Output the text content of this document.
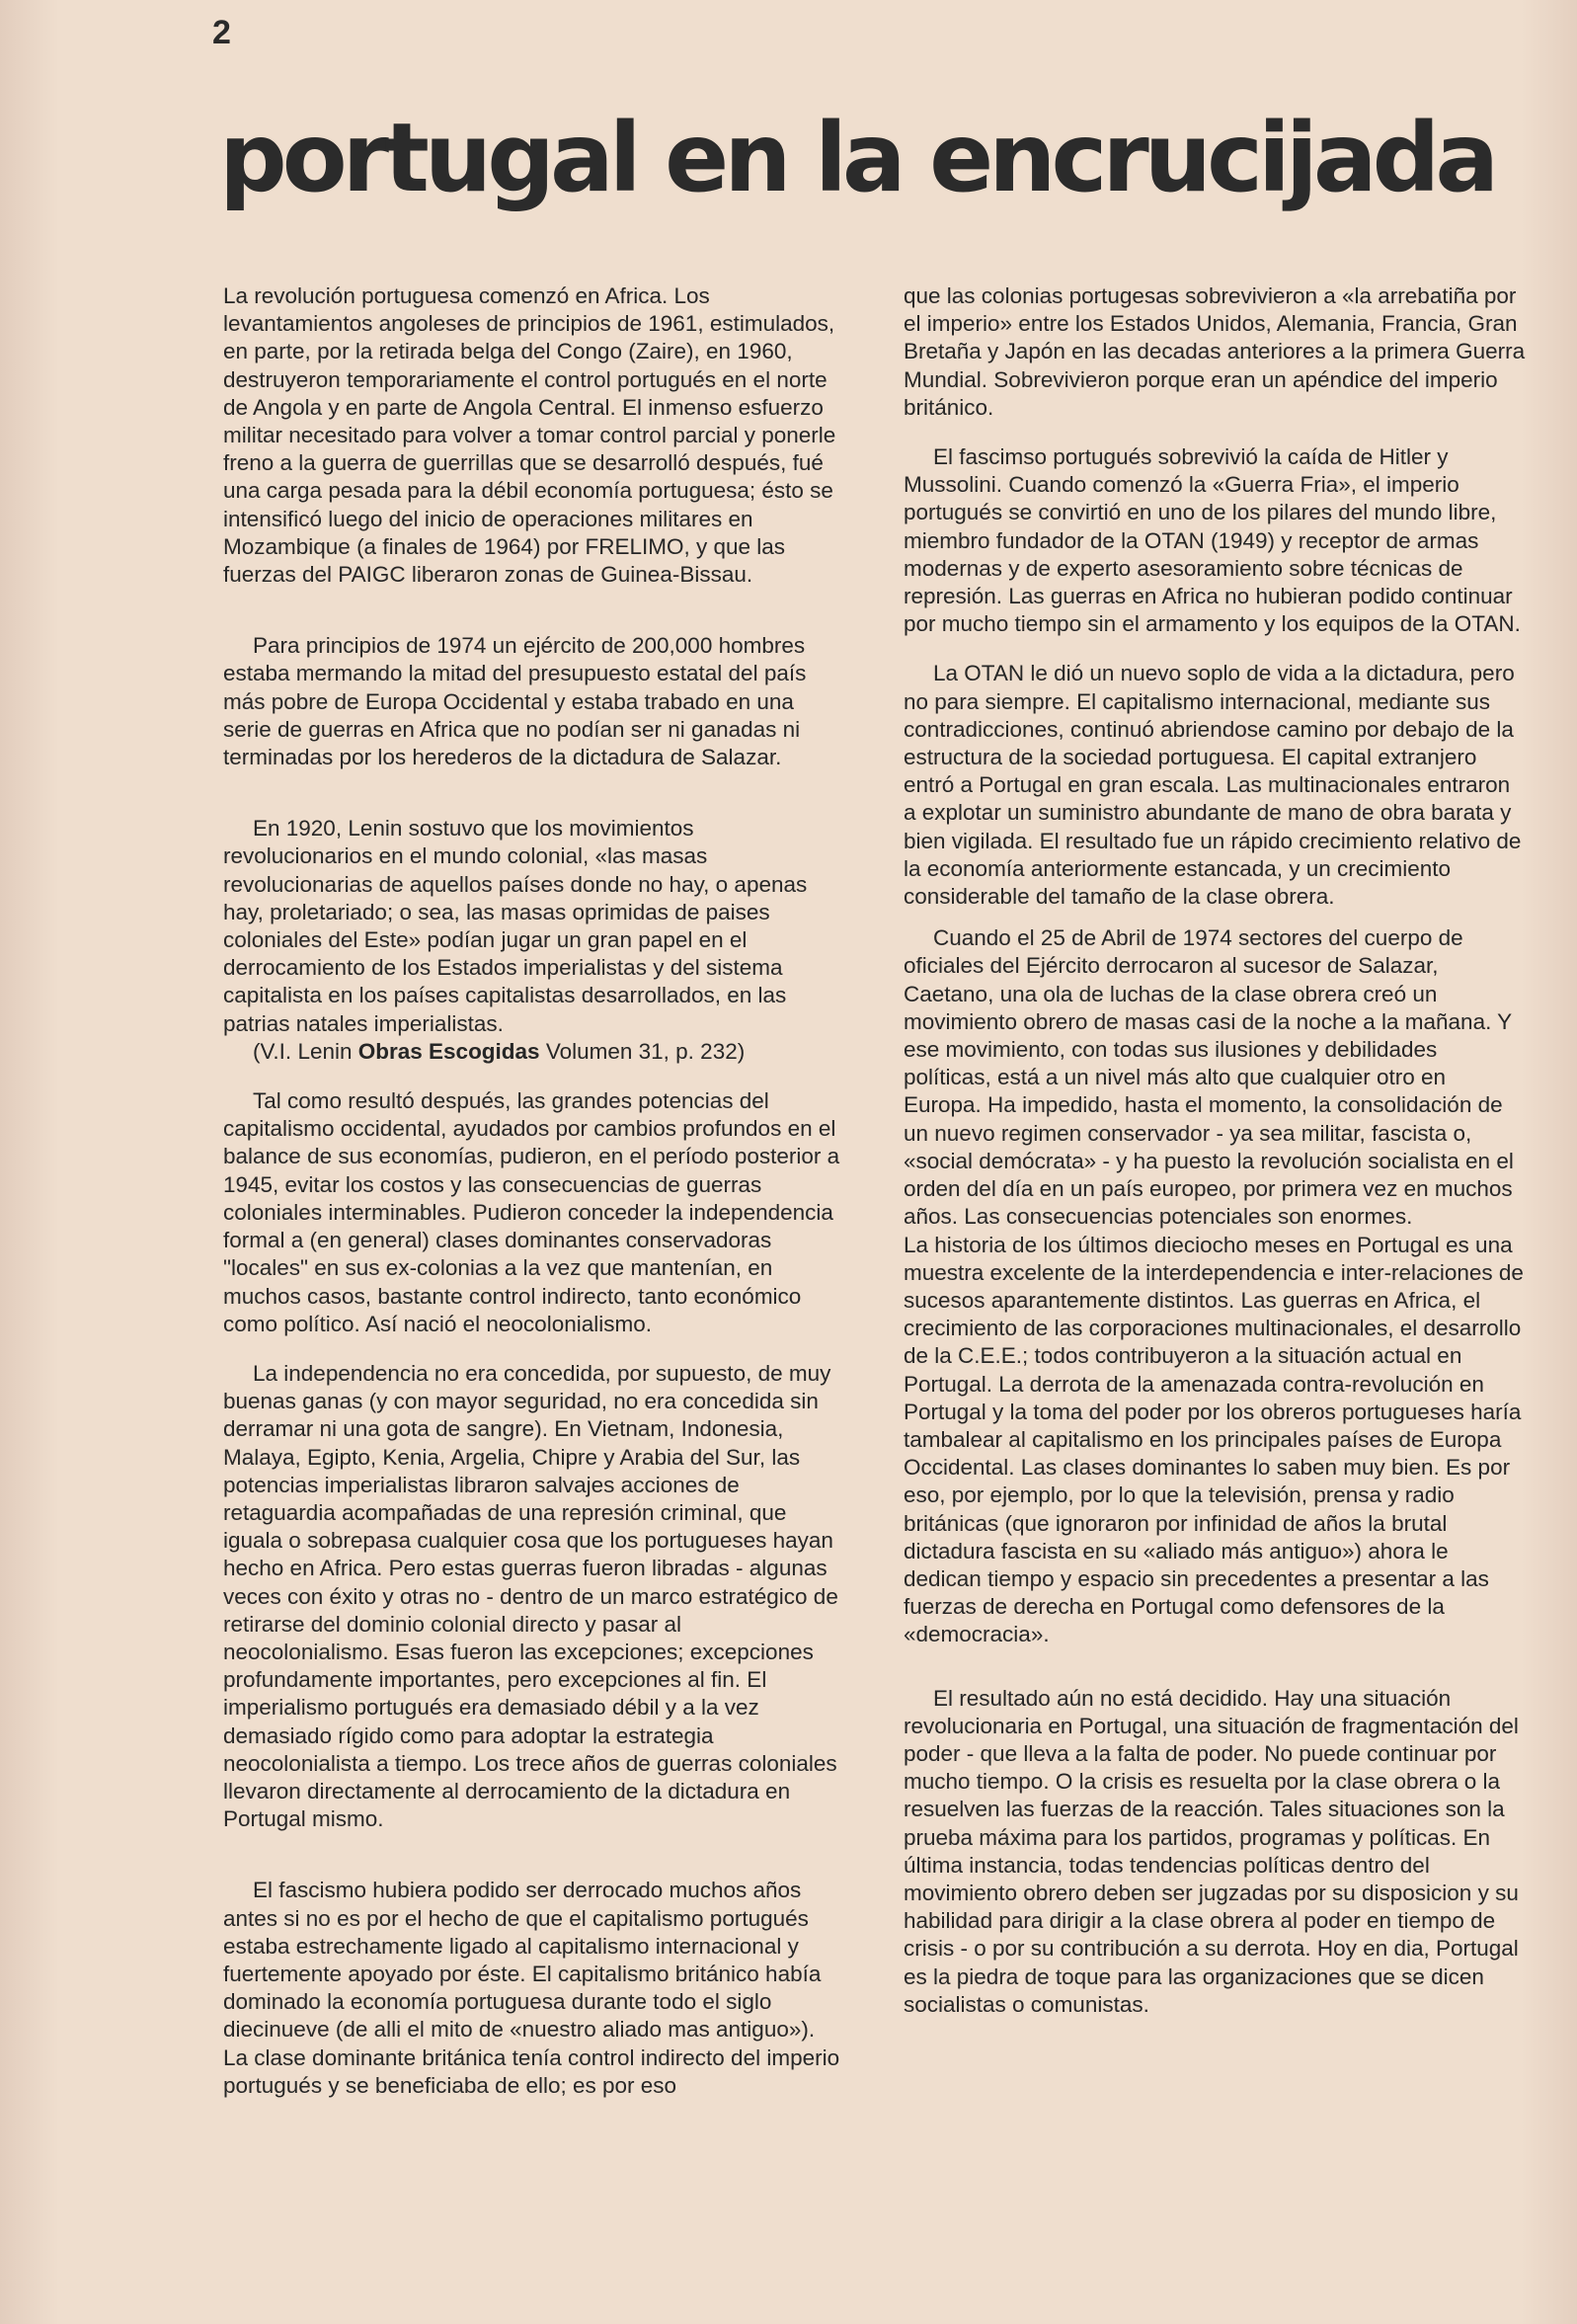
2
portugal en la encrucijada

La revolución portuguesa comenzó en Africa. Los levantamientos angoleses de principios de 1961, estimulados, en parte, por la retirada belga del Congo (Zaire), en 1960, destruyeron temporariamente el control portugués en el norte de Angola y en parte de Angola Central. El inmenso esfuerzo militar necesitado para volver a tomar control parcial y ponerle freno a la guerra de guerrillas que se desarrolló después, fué una carga pesada para la débil economía portuguesa; ésto se intensificó luego del inicio de operaciones militares en Mozambique (a finales de 1964) por FRELIMO, y que las fuerzas del PAIGC liberaron zonas de Guinea-Bissau.

Para principios de 1974 un ejército de 200,000 hombres estaba mermando la mitad del presupuesto estatal del país más pobre de Europa Occidental y estaba trabado en una serie de guerras en Africa que no podían ser ni ganadas ni terminadas por los herederos de la dictadura de Salazar.

En 1920, Lenin sostuvo que los movimientos revolucionarios en el mundo colonial, «las masas revolucionarias de aquellos países donde no hay, o apenas hay, proletariado; o sea, las masas oprimidas de paises coloniales del Este» podían jugar un gran papel en el derrocamiento de los Estados imperialistas y del sistema capitalista en los países capitalistas desarrollados, en las patrias natales imperialistas.
(V.I. Lenin Obras Escogidas Volumen 31, p. 232)

Tal como resultó después, las grandes potencias del capitalismo occidental, ayudados por cambios profundos en el balance de sus economías, pudieron, en el período posterior a 1945, evitar los costos y las consecuencias de guerras coloniales interminables. Pudieron conceder la independencia formal a (en general) clases dominantes conservadoras "locales" en sus ex-colonias a la vez que mantenían, en muchos casos, bastante control indirecto, tanto económico como político. Así nació el neocolonialismo.

La independencia no era concedida, por supuesto, de muy buenas ganas (y con mayor seguridad, no era concedida sin derramar ni una gota de sangre). En Vietnam, Indonesia, Malaya, Egipto, Kenia, Argelia, Chipre y Arabia del Sur, las potencias imperialistas libraron salvajes acciones de retaguardia acompañadas de una represión criminal, que iguala o sobrepasa cualquier cosa que los portugueses hayan hecho en Africa. Pero estas guerras fueron libradas - algunas veces con éxito y otras no - dentro de un marco estratégico de retirarse del dominio colonial directo y pasar al neocolonialismo. Esas fueron las excepciones; excepciones profundamente importantes, pero excepciones al fin. El imperialismo portugués era demasiado débil y a la vez demasiado rígido como para adoptar la estrategia neocolonialista a tiempo. Los trece años de guerras coloniales llevaron directamente al derrocamiento de la dictadura en Portugal mismo.

El fascismo hubiera podido ser derrocado muchos años antes si no es por el hecho de que el capitalismo portugués estaba estrechamente ligado al capitalismo internacional y fuertemente apoyado por éste. El capitalismo británico había dominado la economía portuguesa durante todo el siglo diecinueve (de alli el mito de «nuestro aliado mas antiguo»). La clase dominante británica tenía control indirecto del imperio portugués y se beneficiaba de ello; es por eso

que las colonias portugesas sobrevivieron a «la arrebatiña por el imperio» entre los Estados Unidos, Alemania, Francia, Gran Bretaña y Japón en las decadas anteriores a la primera Guerra Mundial. Sobrevivieron porque eran un apéndice del imperio británico.

El fascimso portugués sobrevivió la caída de Hitler y Mussolini. Cuando comenzó la «Guerra Fria», el imperio portugués se convirtió en uno de los pilares del mundo libre, miembro fundador de la OTAN (1949) y receptor de armas modernas y de experto asesoramiento sobre técnicas de represión. Las guerras en Africa no hubieran podido continuar por mucho tiempo sin el armamento y los equipos de la OTAN.

La OTAN le dió un nuevo soplo de vida a la dictadura, pero no para siempre. El capitalismo internacional, mediante sus contradicciones, continuó abriendose camino por debajo de la estructura de la sociedad portuguesa. El capital extranjero entró a Portugal en gran escala. Las multinacionales entraron a explotar un suministro abundante de mano de obra barata y bien vigilada. El resultado fue un rápido crecimiento relativo de la economía anteriormente estancada, y un crecimiento considerable del tamaño de la clase obrera.

Cuando el 25 de Abril de 1974 sectores del cuerpo de oficiales del Ejército derrocaron al sucesor de Salazar, Caetano, una ola de luchas de la clase obrera creó un movimiento obrero de masas casi de la noche a la mañana. Y ese movimiento, con todas sus ilusiones y debilidades políticas, está a un nivel más alto que cualquier otro en Europa. Ha impedido, hasta el momento, la consolidación de un nuevo regimen conservador - ya sea militar, fascista o, «social demócrata» - y ha puesto la revolución socialista en el orden del día en un país europeo, por primera vez en muchos años. Las consecuencias potenciales son enormes.

La historia de los últimos dieciocho meses en Portugal es una muestra excelente de la interdependencia e inter-relaciones de sucesos aparantemente distintos. Las guerras en Africa, el crecimiento de las corporaciones multinacionales, el desarrollo de la C.E.E.; todos contribuyeron a la situación actual en Portugal. La derrota de la amenazada contra-revolución en Portugal y la toma del poder por los obreros portugueses haría tambalear al capitalismo en los principales países de Europa Occidental. Las clases dominantes lo saben muy bien. Es por eso, por ejemplo, por lo que la televisión, prensa y radio británicas (que ignoraron por infinidad de años la brutal dictadura fascista en su «aliado más antiguo») ahora le dedican tiempo y espacio sin precedentes a presentar a las fuerzas de derecha en Portugal como defensores de la «democracia».

El resultado aún no está decidido. Hay una situación revolucionaria en Portugal, una situación de fragmentación del poder - que lleva a la falta de poder. No puede continuar por mucho tiempo. O la crisis es resuelta por la clase obrera o la resuelven las fuerzas de la reacción. Tales situaciones son la prueba máxima para los partidos, programas y políticas. En última instancia, todas tendencias políticas dentro del movimiento obrero deben ser jugzadas por su disposicion y su habilidad para dirigir a la clase obrera al poder en tiempo de crisis - o por su contribución a su derrota. Hoy en dia, Portugal es la piedra de toque para las organizaciones que se dicen socialistas o comunistas.
